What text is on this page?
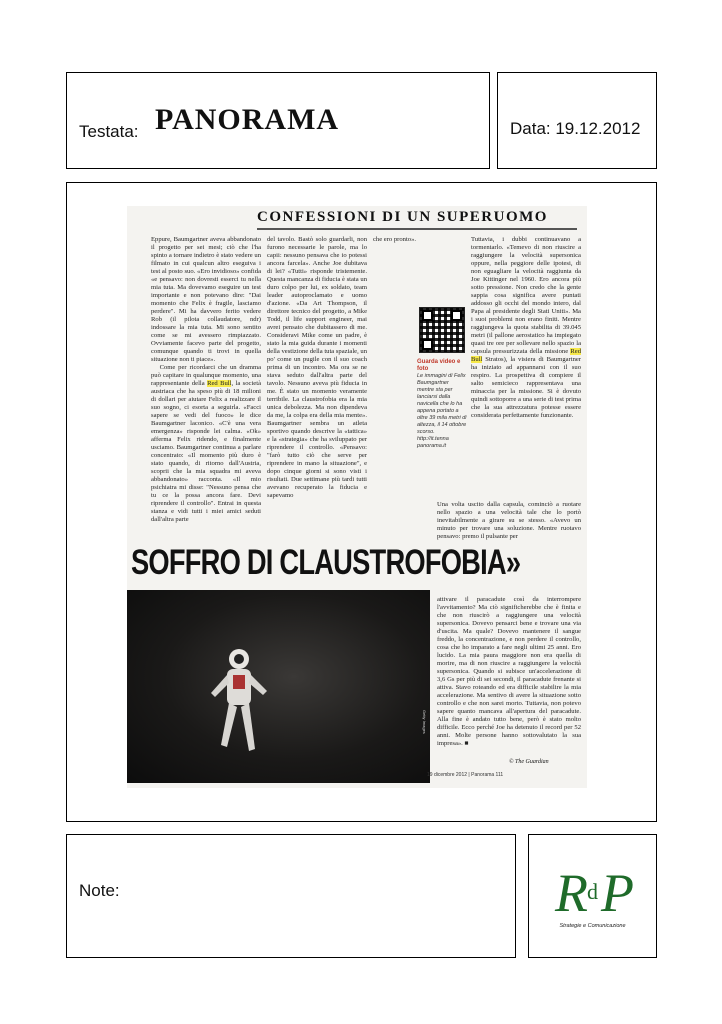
Testata: PANORAMA	Data: 19.12.2012
CONFESSIONI DI UN SUPERUOMO
Eppure, Baumgartner aveva abbandonato il progetto per sei mesi; ciò che l'ha spinto a tornare indietro è stato vedere un filmato in cui qualcun altro eseguiva i test al posto suo. «Ero invidioso» confida «e pensavo: non dovresti esserci tu nella mia tuta. Ma dovevamo eseguire un test importante e non potevano dire: "Dai momento che Felix è fragile, lasciamo perdere". Mi ha davvero ferito vedere Rob (il pilota collaudatore, ndr) indossare la mia tuta. Mi sono sentito come se mi avessero rimpiazzato. Ovviamente facevo parte del progetto, comunque quando ti trovi in quella situazione non ti piace».
Come per ricordarci che un dramma può capitare in qualunque momento, una rappresentante della Red Bull, la società austriaca che ha speso più di 18 milioni di dollari per aiutare Felix a realizzare il suo sogno, ci esorta a seguirla. «Facci sapere se vedi del fuoco» le dice Baumgartner laconico. «C'è una vera emergenza» risponde lei calma. «Ok» afferma Felix ridendo, e finalmente usciamo. Baumgartner continua a parlare concentrato: «Il momento più duro è stato quando, di ritorno dall'Austria, scoprii che la mia squadra mi aveva abbandonato» racconta. «Il mio psichiatra mi disse: "Nessuno pensa che tu ce la possa ancora fare. Devi riprendere il controllo". Entrai in questa stanza e vidi tutti i miei amici seduti dall'altra parte
del tavolo. Bastò solo guardarli, non furono necessarie le parole, ma lo capii: nessuno pensava che io potessi ancora farcela». Anche Joe dubitava di lei? «Tutti» risponde tristemente. Questa mancanza di fiducia è stata un duro colpo per lui, ex soldato, team leader autoproclamato e uomo d'azione. «Da Art Thompson, il direttore tecnico del progetto, a Mike Todd, il life support engineer, mai avrei pensato che dubitassero di me. Consideravi Mike come un padre, è stato la mia guida durante i momenti della vestizione della tuta spaziale, un po' come un pugile con il suo coach prima di un incontro. Ma ora se ne stava seduto dall'altra parte del tavolo. Nessuno aveva più fiducia in me. È stato un momento veramente terribile. La claustrofobia era la mia unica debolezza. Ma non dipendeva da me, la colpa era della mia mente». Baumgartner sembra un atleta sportivo quando descrive la «tattica» e la «strategia» che ha sviluppato per riprendere il controllo. «Pensavo: "farò tutto ciò che serve per riprendere in mano la situazione", e dopo cinque giorni si sono visti i risultati. Due settimane più tardi tutti avevano recuperato la fiducia e sapevamo
che ero pronto».
Guarda video e foto
Le immagini di Felix Baumgartner mentre sta per lanciarsi dalla navicella che lo ha appena portato a oltre 39 mila metri di altezza, il 14 ottobre scorso. http://it.tenna panorama.it
Tuttavia, i dubbi continuavano a tormentarlo. «Temevo di non riuscire a raggiungere la velocità supersonica oppure, nella peggiore delle ipotesi, di non eguagliare la velocità raggiunta da Joe Kittinger nel 1960. Ero ancora più sotto pressione. Non credo che la gente sappia cosa significa avere puntati addosso gli occhi del mondo intero, dal Papa al presidente degli Stati Uniti». Ma i suoi problemi non erano finiti. Mentre raggiungeva la quota stabilita di 39.045 metri (il pallone aerostatico ha impiegato quasi tre ore per sollevare nello spazio la capsula pressurizzata della missione Red Bull Stratos), la visiera di Baumgartner ha iniziato ad appannarsi con il suo respiro. La prospettiva di compiere il salto semicieco rappresentava una minaccia per la missione. Si è dovuto quindi sottoporre a una serie di test prima che la sua attrezzatura potesse essere considerata perfettamente funzionante.
Una volta uscito dalla capsula, cominciò a ruotare nello spazio a una velocità tale che lo portò inevitabilmente a girare su se stesso. «Avevo un minuto per trovare una soluzione. Mentre ruotavo pensavo: premo il pulsante per
SOFFRO DI CLAUSTROFOBIA»
Getty Images
attivare il paracadute così da interrompere l'avvitamento? Ma ciò significherebbe che è finita e che non riuscirò a raggiungere una velocità supersonica. Dovevo pensarci bene e trovare una via d'uscita. Ma quale? Dovevo mantenere il sangue freddo, la concentrazione, e non perdere il controllo, cosa che ho imparato a fare negli ultimi 25 anni. Ero lucido. La mia paura maggiore non era quella di morire, ma di non riuscire a raggiungere la velocità supersonica. Quando si subisce un'accelerazione di 3,6 Gs per più di sei secondi, il paracadute frenante si attiva. Stavo roteando ed era difficile stabilire la mia accelerazione. Ma sentivo di avere la situazione sotto controllo e che non sarei morto. Tuttavia, non potevo sapere quanto mancava all'apertura del paracadute. Alla fine è andato tutto bene, però è stato molto difficile. Ecco perché Joe ha detenuto il record per 52 anni. Molte persone hanno sottovalutato la sua impresa». ■
© The Guardian
19 dicembre 2012 | Panorama 111
Note:	R d P
Strategie e Comunicazione
